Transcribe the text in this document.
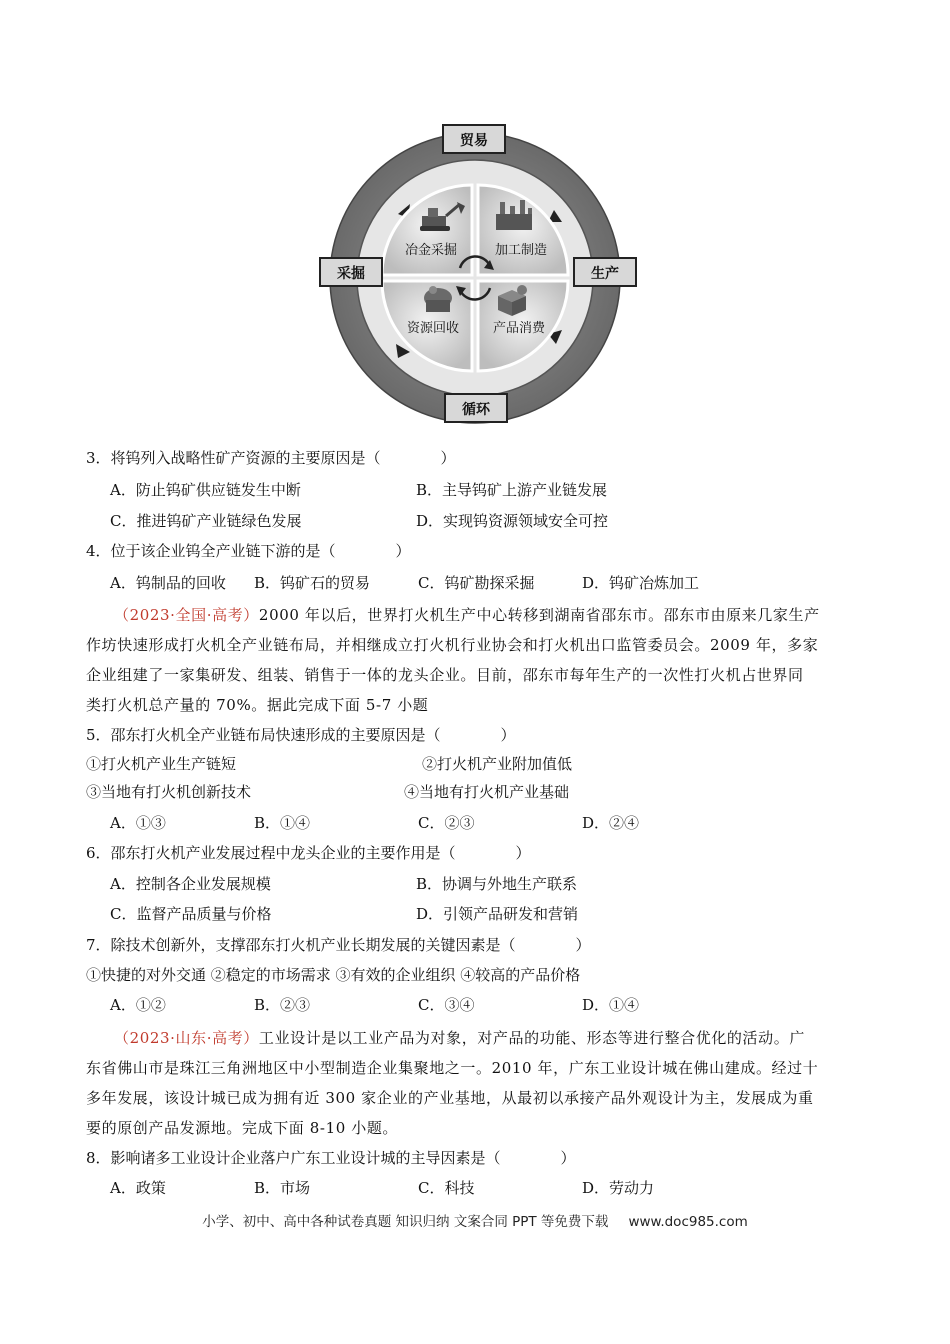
冶金采掘	加工制造
资源回收	产品消费
贸易
采掘	生产
循环
3．将钨列入战略性矿产资源的主要原因是（　　　　）
A．防止钨矿供应链发生中断	B．主导钨矿上游产业链发展
C．推进钨矿产业链绿色发展	D．实现钨资源领域安全可控
4．位于该企业钨全产业链下游的是（　　　　）
A．钨制品的回收 B．钨矿石的贸易	C．钨矿勘探采掘	D．钨矿冶炼加工
（2023·全国·高考）2000 年以后，世界打火机生产中心转移到湖南省邵东市。邵东市由原来几家生产
作坊快速形成打火机全产业链布局，并相继成立打火机行业协会和打火机出口监管委员会。2009 年，多家
企业组建了一家集研发、组装、销售于一体的龙头企业。目前，邵东市每年生产的一次性打火机占世界同
类打火机总产量的 70%。据此完成下面 5-7 小题
5．邵东打火机全产业链布局快速形成的主要原因是（　　　　）
①打火机产业生产链短	②打火机产业附加值低
③当地有打火机创新技术	④当地有打火机产业基础
A．①③	B．①④	C．②③	D．②④
6．邵东打火机产业发展过程中龙头企业的主要作用是（　　　　）
A．控制各企业发展规模	B．协调与外地生产联系
C．监督产品质量与价格	D．引领产品研发和营销
7．除技术创新外，支撑邵东打火机产业长期发展的关键因素是（　　　　）
①快捷的对外交通 ②稳定的市场需求 ③有效的企业组织 ④较高的产品价格
A．①②	B．②③	C．③④	D．①④
（2023·山东·高考）工业设计是以工业产品为对象，对产品的功能、形态等进行整合优化的活动。广
东省佛山市是珠江三角洲地区中小型制造企业集聚地之一。2010 年，广东工业设计城在佛山建成。经过十
多年发展，该设计城已成为拥有近 300 家企业的产业基地，从最初以承接产品外观设计为主，发展成为重
要的原创产品发源地。完成下面 8-10 小题。
8．影响诸多工业设计企业落户广东工业设计城的主导因素是（　　　　）
A．政策	B．市场	C．科技	D．劳动力
小学、初中、高中各种试卷真题 知识归纳 文案合同 PPT 等免费下载 www.doc985.com
